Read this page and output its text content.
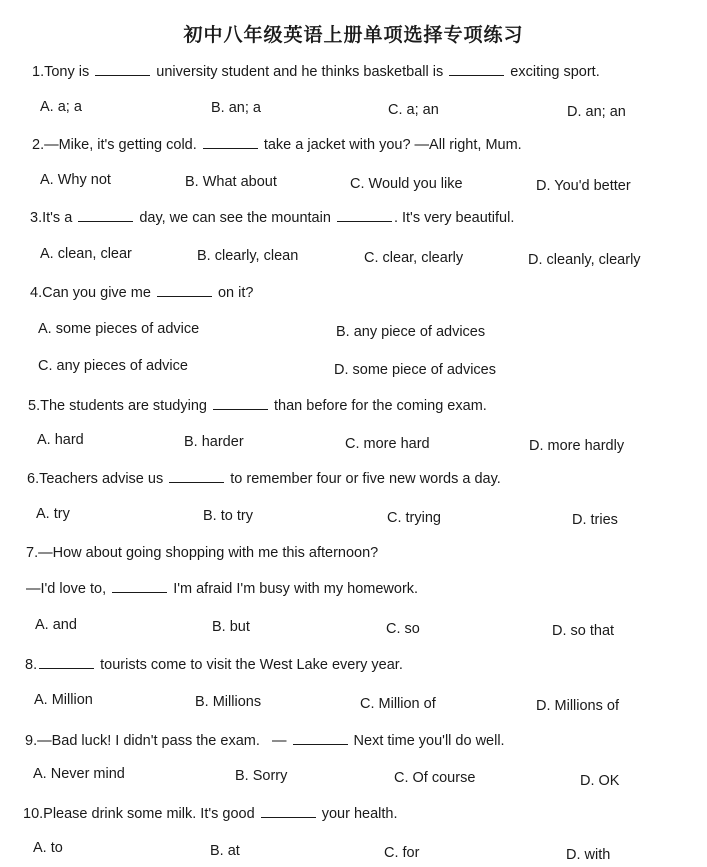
初中八年级英语上册单项选择专项练习
1.Tony is	university student and he thinks basketball is	exciting sport.
A. a; a	B. an; a	C. a; an	D. an; an
2.—Mike, it's getting cold.	take a jacket with you? —All right, Mum.
A. Why not	B. What about	C. Would you like	D. You'd better
3.It's a	day, we can see the mountain	. It's very beautiful.
A. clean, clear	B. clearly, clean	C. clear, clearly	D. cleanly, clearly
4.Can you give me	on it?
A. some pieces of advice	B. any piece of advices
C. any pieces of advice	D. some piece of advices
5.The students are studying	than before for the coming exam.
A. hard	B. harder	C. more hard	D. more hardly
6.Teachers advise us	to remember four or five new words a day.
A. try	B. to try	C. trying	D. tries
7.—How about going shopping with me this afternoon?
—I'd love to,	I'm afraid I'm busy with my homework.
A. and	B. but	C. so	D. so that
8.	tourists come to visit the West Lake every year.
A. Million	B. Millions	C. Million of	D. Millions of
9.—Bad luck! I didn't pass the exam.   —	Next time you'll do well.
A. Never mind	B. Sorry	C. Of course	D. OK
10.Please drink some milk. It's good	your health.
A. to	B. at	C. for	D. with
